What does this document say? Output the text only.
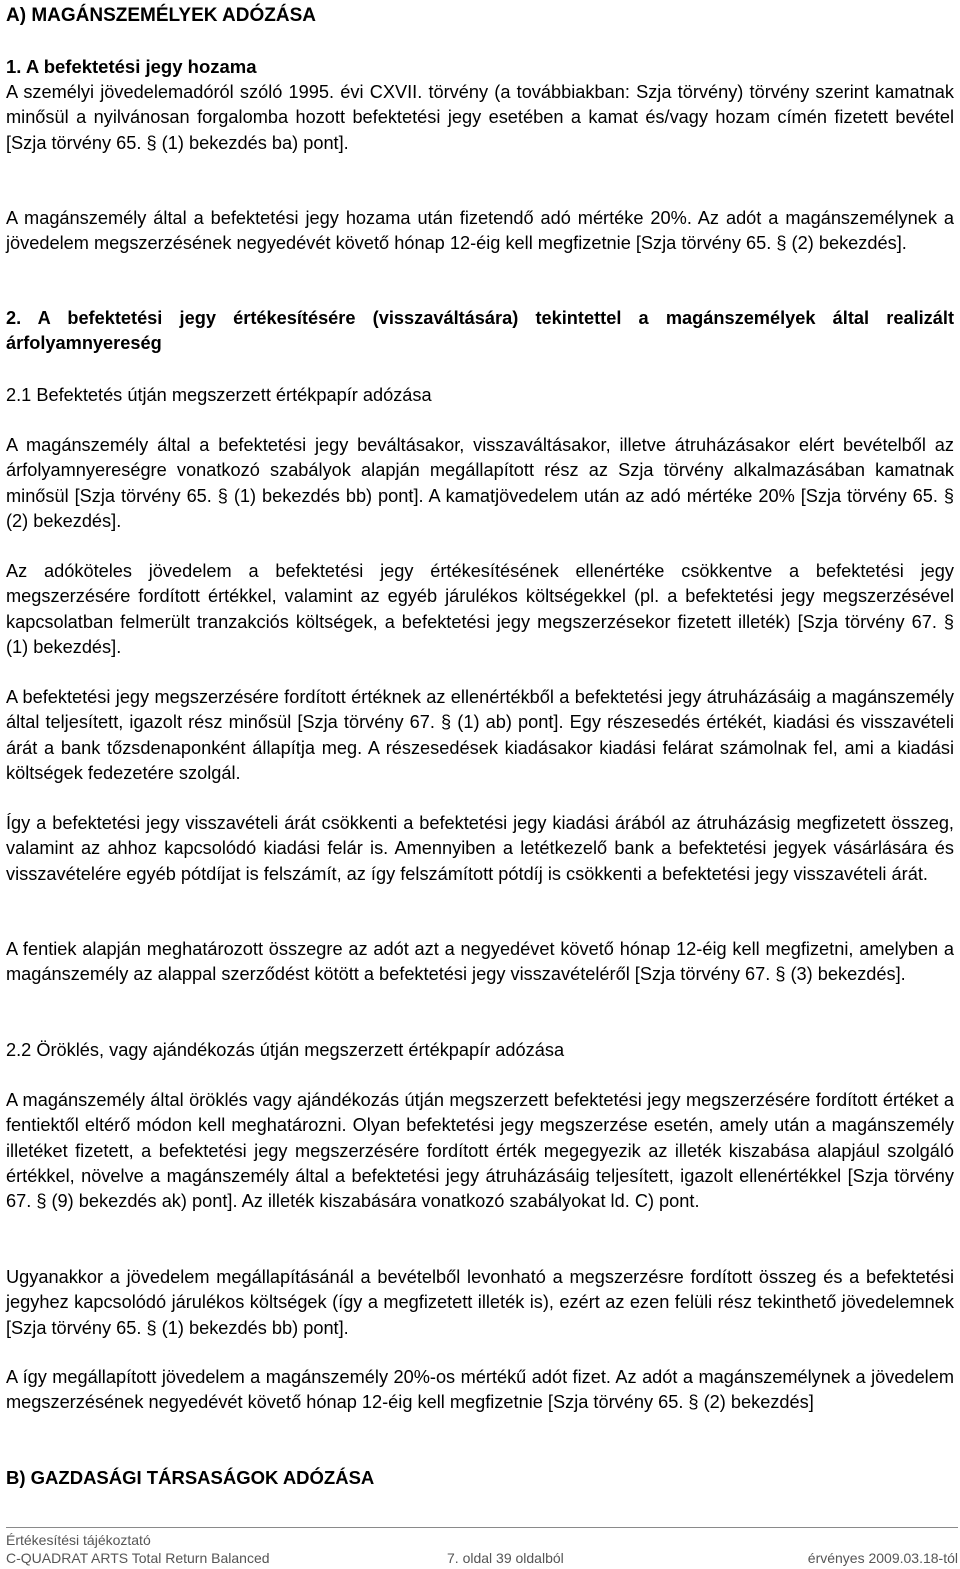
A) MAGÁNSZEMÉLYEK ADÓZÁSA
1. A befektetési jegy hozama

A személyi jövedelemadóról szóló 1995. évi CXVII. törvény (a továbbiakban: Szja törvény) törvény szerint kamatnak minősül a nyilvánosan forgalomba hozott befektetési jegy esetében a kamat és/vagy hozam címén fizetett bevétel [Szja törvény 65. § (1) bekezdés ba) pont].

A magánszemély által a befektetési jegy hozama után fizetendő adó mértéke 20%. Az adót a magánszemélynek a jövedelem megszerzésének negyedévét követő hónap 12-éig kell megfizetnie [Szja törvény 65. § (2) bekezdés].

2. A befektetési jegy értékesítésére (visszaváltására) tekintettel a magánszemélyek által realizált árfolyamnyereség

2.1 Befektetés útján megszerzett értékpapír adózása

A magánszemély által a befektetési jegy beváltásakor, visszaváltásakor, illetve átruházásakor elért bevételből az árfolyamnyereségre vonatkozó szabályok alapján megállapított rész az Szja törvény alkalmazásában kamatnak minősül [Szja törvény 65. § (1) bekezdés bb) pont]. A kamatjövedelem után az adó mértéke 20% [Szja törvény 65. § (2) bekezdés].

Az adóköteles jövedelem a befektetési jegy értékesítésének ellenértéke csökkentve a befektetési jegy megszerzésére fordított értékkel, valamint az egyéb járulékos költségekkel (pl. a befektetési jegy megszerzésével kapcsolatban felmerült tranzakciós költségek, a befektetési jegy megszerzésekor fizetett illeték) [Szja törvény 67. § (1) bekezdés].

A befektetési jegy megszerzésére fordított értéknek az ellenértékből a befektetési jegy átruházásáig a magánszemély által teljesített, igazolt rész minősül [Szja törvény 67. § (1) ab) pont]. Egy részesedés értékét, kiadási és visszavételi árát a bank tőzsdenaponként állapítja meg. A részesedések kiadásakor kiadási felárat számolnak fel, ami a kiadási költségek fedezetére szolgál.

Így a befektetési jegy visszavételi árát csökkenti a befektetési jegy kiadási árából az átruházásig megfizetett összeg, valamint az ahhoz kapcsolódó kiadási felár is. Amennyiben a letétkezelő bank a befektetési jegyek vásárlására és visszavételére egyéb pótdíjat is felszámít, az így felszámított pótdíj is csökkenti a befektetési jegy visszavételi árát.

A fentiek alapján meghatározott összegre az adót azt a negyedévet követő hónap 12-éig kell megfizetni, amelyben a magánszemély az alappal szerződést kötött a befektetési jegy visszavételéről [Szja törvény 67. § (3) bekezdés].

2.2 Öröklés, vagy ajándékozás útján megszerzett értékpapír adózása

A magánszemély által öröklés vagy ajándékozás útján megszerzett befektetési jegy megszerzésére fordított értéket a fentiektől eltérő módon kell meghatározni. Olyan befektetési jegy megszerzése esetén, amely után a magánszemély illetéket fizetett, a befektetési jegy megszerzésére fordított érték megegyezik az illeték kiszabása alapjául szolgáló értékkel, növelve a magánszemély által a befektetési jegy átruházásáig teljesített, igazolt ellenértékkel [Szja törvény 67. § (9) bekezdés ak) pont]. Az illeték kiszabására vonatkozó szabályokat ld. C) pont.

Ugyanakkor a jövedelem megállapításánál a bevételből levonható a megszerzésre fordított összeg és a befektetési jegyhez kapcsolódó járulékos költségek (így a megfizetett illeték is), ezért az ezen felüli rész tekinthető jövedelemnek [Szja törvény 65. § (1) bekezdés bb) pont].

A így megállapított jövedelem a magánszemély 20%-os mértékű adót fizet. Az adót a magánszemélynek a jövedelem megszerzésének negyedévét követő hónap 12-éig kell megfizetnie [Szja törvény 65. § (2) bekezdés]

B) GAZDASÁGI TÁRSASÁGOK ADÓZÁSA
Értékesítési tájékoztató
C-QUADRAT ARTS Total Return Balanced	7. oldal 39 oldalból	érvényes 2009.03.18-tól
